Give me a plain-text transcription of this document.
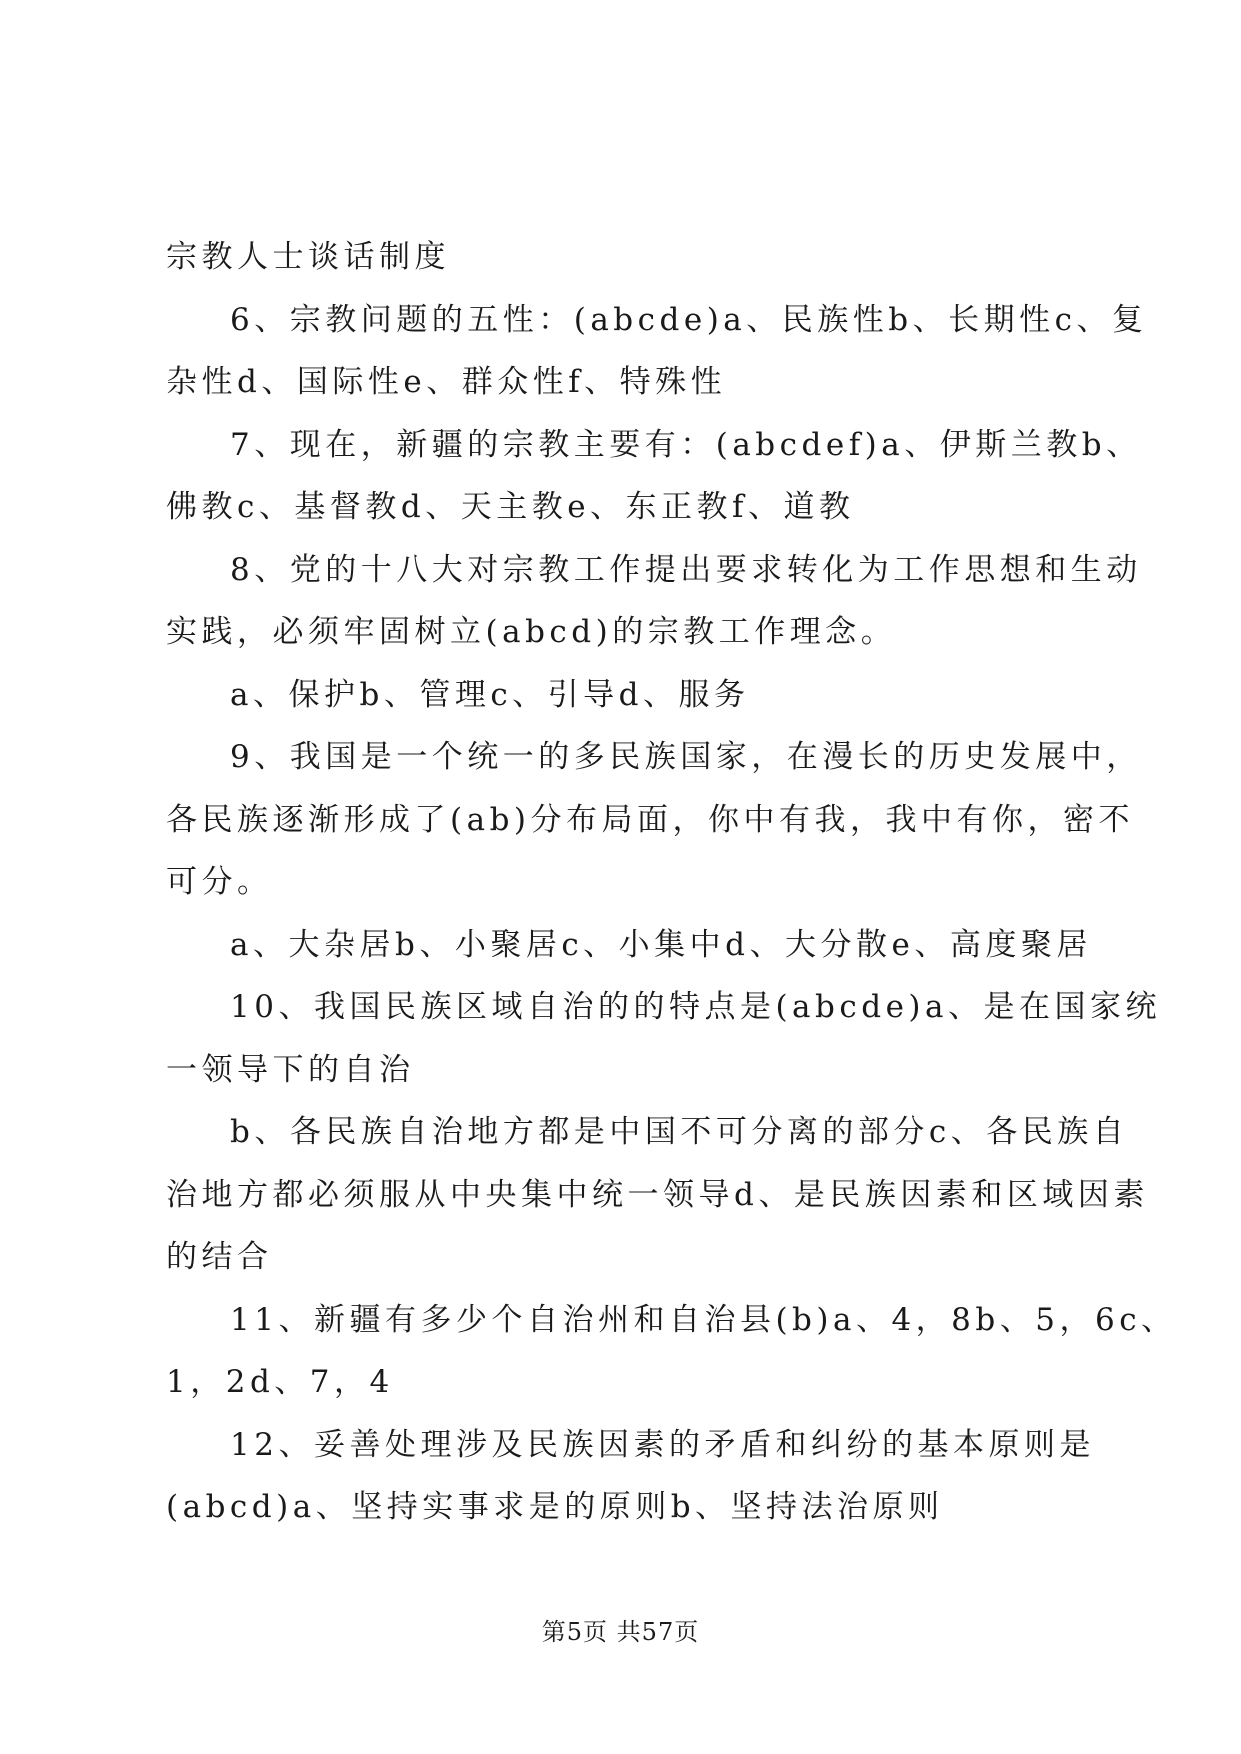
宗教人士谈话制度
6、宗教问题的五性：(abcde)a、民族性b、长期性c、复
杂性d、国际性e、群众性f、特殊性
7、现在，新疆的宗教主要有：(abcdef)a、伊斯兰教b、
佛教c、基督教d、天主教e、东正教f、道教
8、党的十八大对宗教工作提出要求转化为工作思想和生动
实践，必须牢固树立(abcd)的宗教工作理念。
a、保护b、管理c、引导d、服务
9、我国是一个统一的多民族国家，在漫长的历史发展中，
各民族逐渐形成了(ab)分布局面，你中有我，我中有你，密不
可分。
a、大杂居b、小聚居c、小集中d、大分散e、高度聚居
10、我国民族区域自治的的特点是(abcde)a、是在国家统
一领导下的自治
b、各民族自治地方都是中国不可分离的部分c、各民族自
治地方都必须服从中央集中统一领导d、是民族因素和区域因素
的结合
11、新疆有多少个自治州和自治县(b)a、4，8b、5，6c、
1，2d、7，4
12、妥善处理涉及民族因素的矛盾和纠纷的基本原则是
(abcd)a、坚持实事求是的原则b、坚持法治原则
第5页 共57页
